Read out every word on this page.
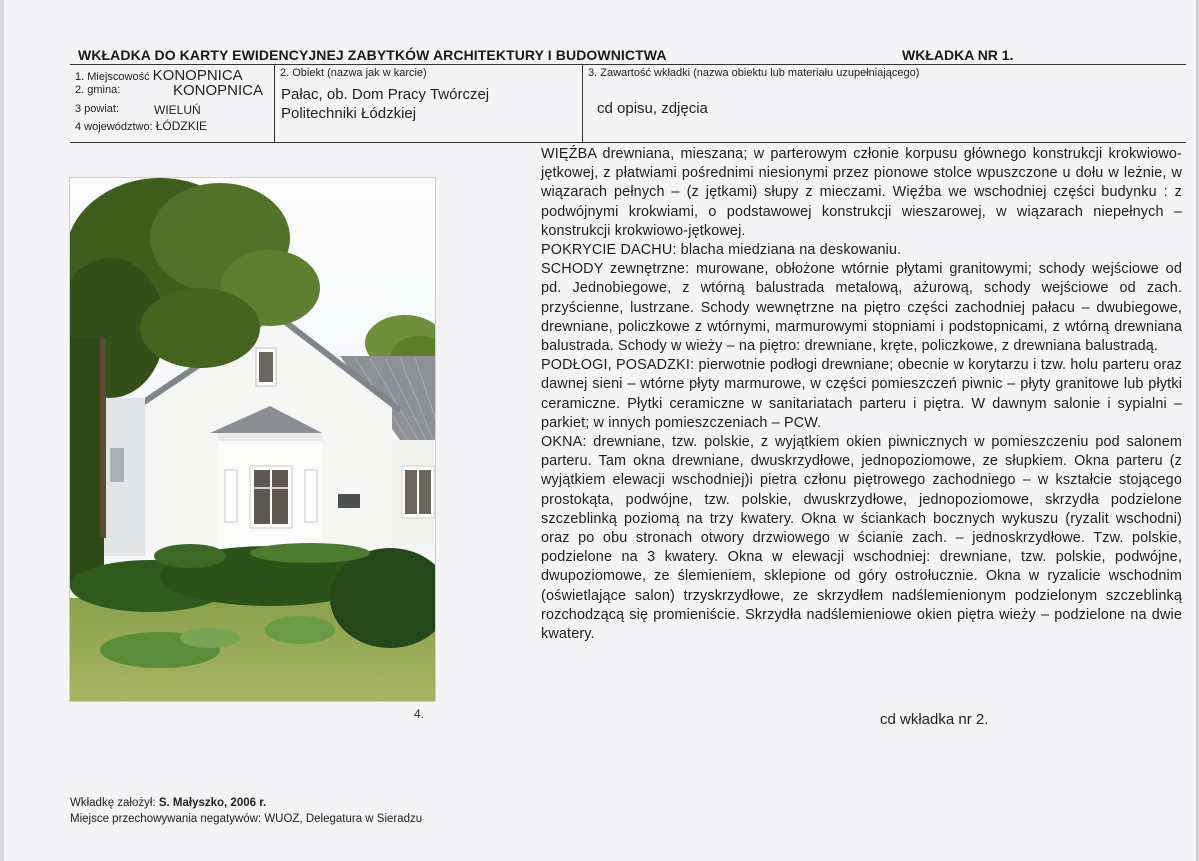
WKŁADKA DO KARTY EWIDENCYJNEJ ZABYTKÓW ARCHITEKTURY I BUDOWNICTWA	WKŁADKA NR 1.
1. Miejscowość KONOPNICA
2. gmina:	KONOPNICA
3 powiat:	WIELUŃ
4 województwo: ŁÓDZKIE
2. Obiekt (nazwa jak w karcie)
Pałac, ob. Dom Pracy Twórczej
Politechniki Łódzkiej
3. Zawartość wkładki (nazwa obiektu lub materiału uzupełniającego)
cd opisu, zdjęcia
4.

WIĘŹBA drewniana, mieszana; w parterowym członie korpusu głównego konstrukcji krokwiowo-jętkowej, z płatwiami pośrednimi niesionymi przez pionowe stolce wpuszczone u dołu w leżnie, w wiązarach pełnych – (z jętkami) słupy z mieczami. Więźba we wschodniej części budynku : z podwójnymi krokwiami, o podstawowej konstrukcji wieszarowej, w wiązarach niepełnych – konstrukcji krokwiowo-jętkowej.

POKRYCIE DACHU: blacha miedziana na deskowaniu.

SCHODY zewnętrzne: murowane, obłożone wtórnie płytami granitowymi; schody wejściowe od pd. Jednobiegowe, z wtórną balustrada metalową, ażurową, schody wejściowe od zach. przyścienne, lustrzane. Schody wewnętrzne na piętro części zachodniej pałacu – dwubiegowe, drewniane, policzkowe z wtórnymi, marmurowymi stopniami i podstopnicami, z wtórną drewniana balustrada. Schody w wieży – na piętro: drewniane, kręte, policzkowe, z drewniana balustradą.

PODŁOGI, POSADZKI: pierwotnie podłogi drewniane; obecnie w korytarzu i tzw. holu parteru oraz dawnej sieni – wtórne płyty marmurowe, w części pomieszczeń piwnic – płyty granitowe lub płytki ceramiczne. Płytki ceramiczne w sanitariatach parteru i piętra. W dawnym salonie i sypialni – parkiet; w innych pomieszczeniach – PCW.

OKNA: drewniane, tzw. polskie, z wyjątkiem okien piwnicznych w pomieszczeniu pod salonem parteru. Tam okna drewniane, dwuskrzydłowe, jednopoziomowe, ze słupkiem. Okna parteru (z wyjątkiem elewacji wschodniej)i pietra członu piętrowego zachodniego – w kształcie stojącego prostokąta, podwójne, tzw. polskie, dwuskrzydłowe, jednopoziomowe, skrzydła podzielone szczeblinką poziomą na trzy kwatery. Okna w ściankach bocznych wykuszu (ryzalit wschodni) oraz po obu stronach otwory drzwiowego w ścianie zach. – jednoskrzydłowe. Tzw. polskie, podzielone na 3 kwatery. Okna w elewacji wschodniej: drewniane, tzw. polskie, podwójne, dwupoziomowe, ze ślemieniem, sklepione od góry ostrołucznie. Okna w ryzalicie wschodnim (oświetlające salon) trzyskrzydłowe, ze skrzydłem nadślemienionym podzielonym szczeblinką rozchodzącą się promieniście. Skrzydła nadślemieniowe okien piętra wieży – podzielone na dwie kwatery.

cd wkładka nr 2.
Wkładkę założył: S. Małyszko, 2006 r.
Miejsce przechowywania negatywów: WUOZ, Delegatura w Sieradzu
